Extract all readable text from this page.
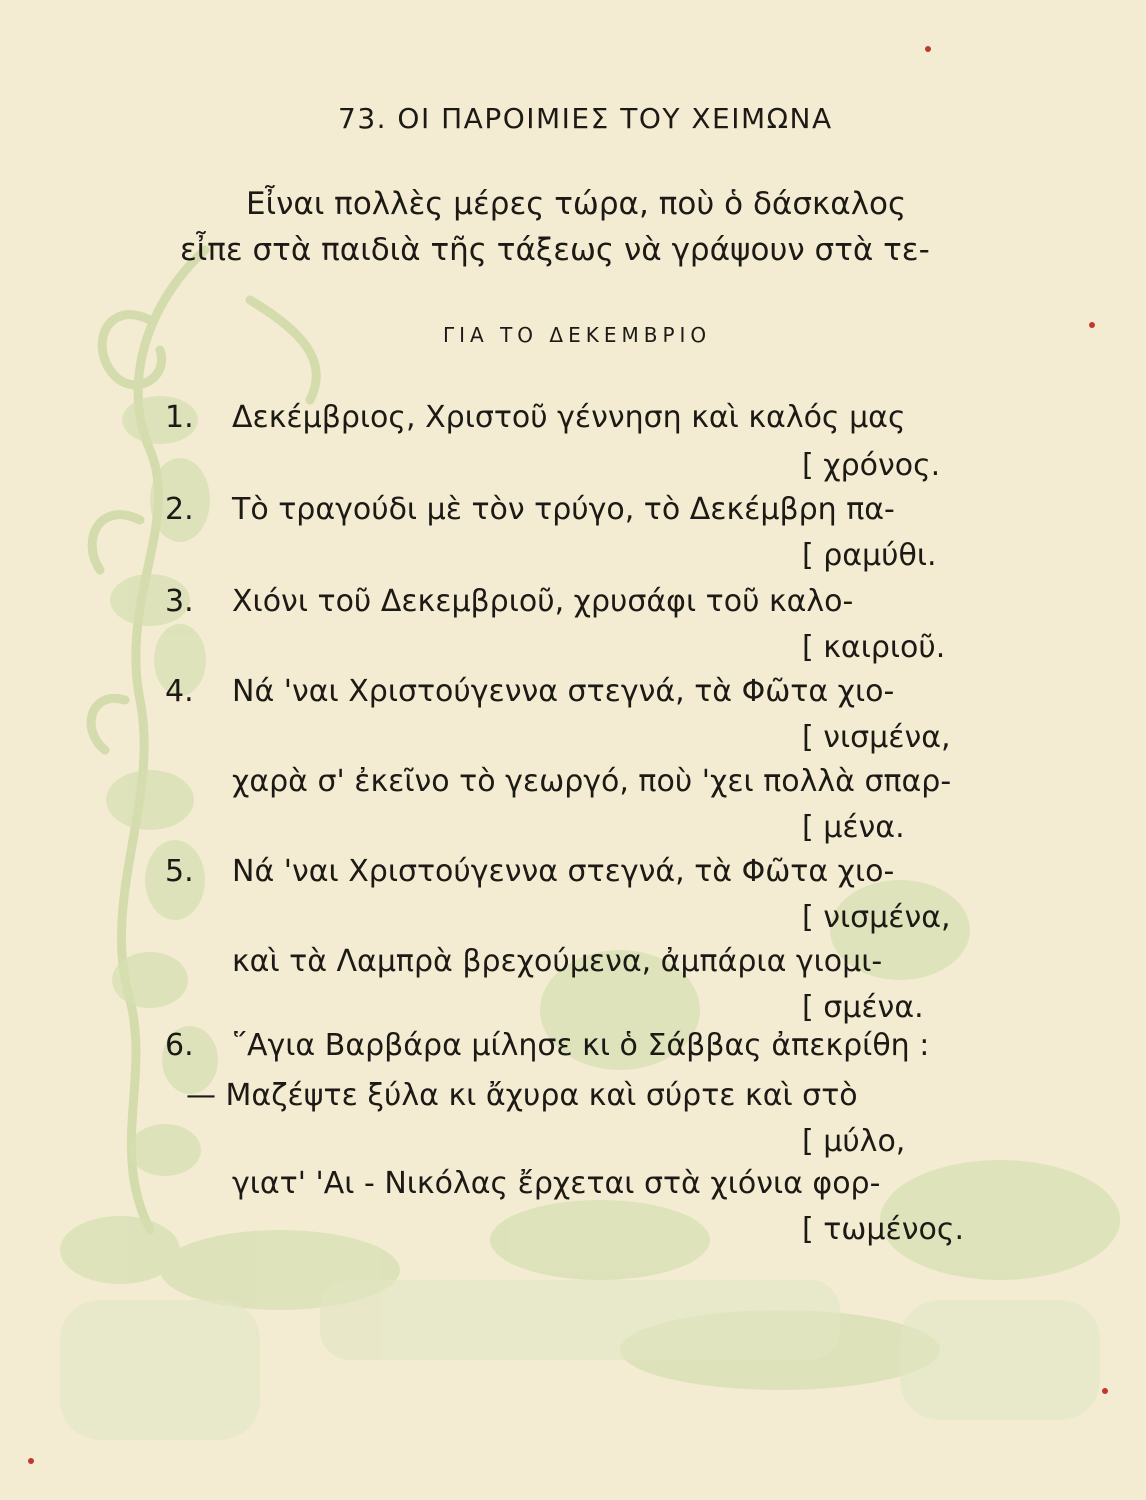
73. ΟΙ ΠΑΡΟΙΜΙΕΣ ΤΟΥ ΧΕΙΜΩΝΑ
Εἶναι πολλὲς μέρες τώρα, ποὺ ὁ δάσκαλος
εἶπε στὰ παιδιὰ τῆς τάξεως νὰ γράψουν στὰ τε-
ΓΙΑ ΤΟ ΔΕΚΕΜΒΡΙΟ
1. Δεκέμβριος, Χριστοῦ γέννηση καὶ καλός μας
[ χρόνος.
2. Τὸ τραγούδι μὲ τὸν τρύγο, τὸ Δεκέμβρη πα-
[ ραμύθι.
3. Χιόνι τοῦ Δεκεμβριοῦ, χρυσάφι τοῦ καλο-
[ καιριοῦ.
4. Νά 'ναι Χριστούγεννα στεγνά, τὰ Φῶτα χιο-
[ νισμένα,
χαρὰ σ' ἐκεῖνο τὸ γεωργό, ποὺ 'χει πολλὰ σπαρ-
[ μένα.
5. Νά 'ναι Χριστούγεννα στεγνά, τὰ Φῶτα χιο-
[ νισμένα,
καὶ τὰ Λαμπρὰ βρεχούμενα, ἀμπάρια γιομι-
[ σμένα.
6. ῞Αγια Βαρβάρα μίλησε κι ὁ Σάββας ἀπεκρίθη :
— Μαζέψτε ξύλα κι ἄχυρα καὶ σύρτε καὶ στὸ
[ μύλο,
γιατ' 'Αι - Νικόλας ἔρχεται στὰ χιόνια φορ-
[ τωμένος.
